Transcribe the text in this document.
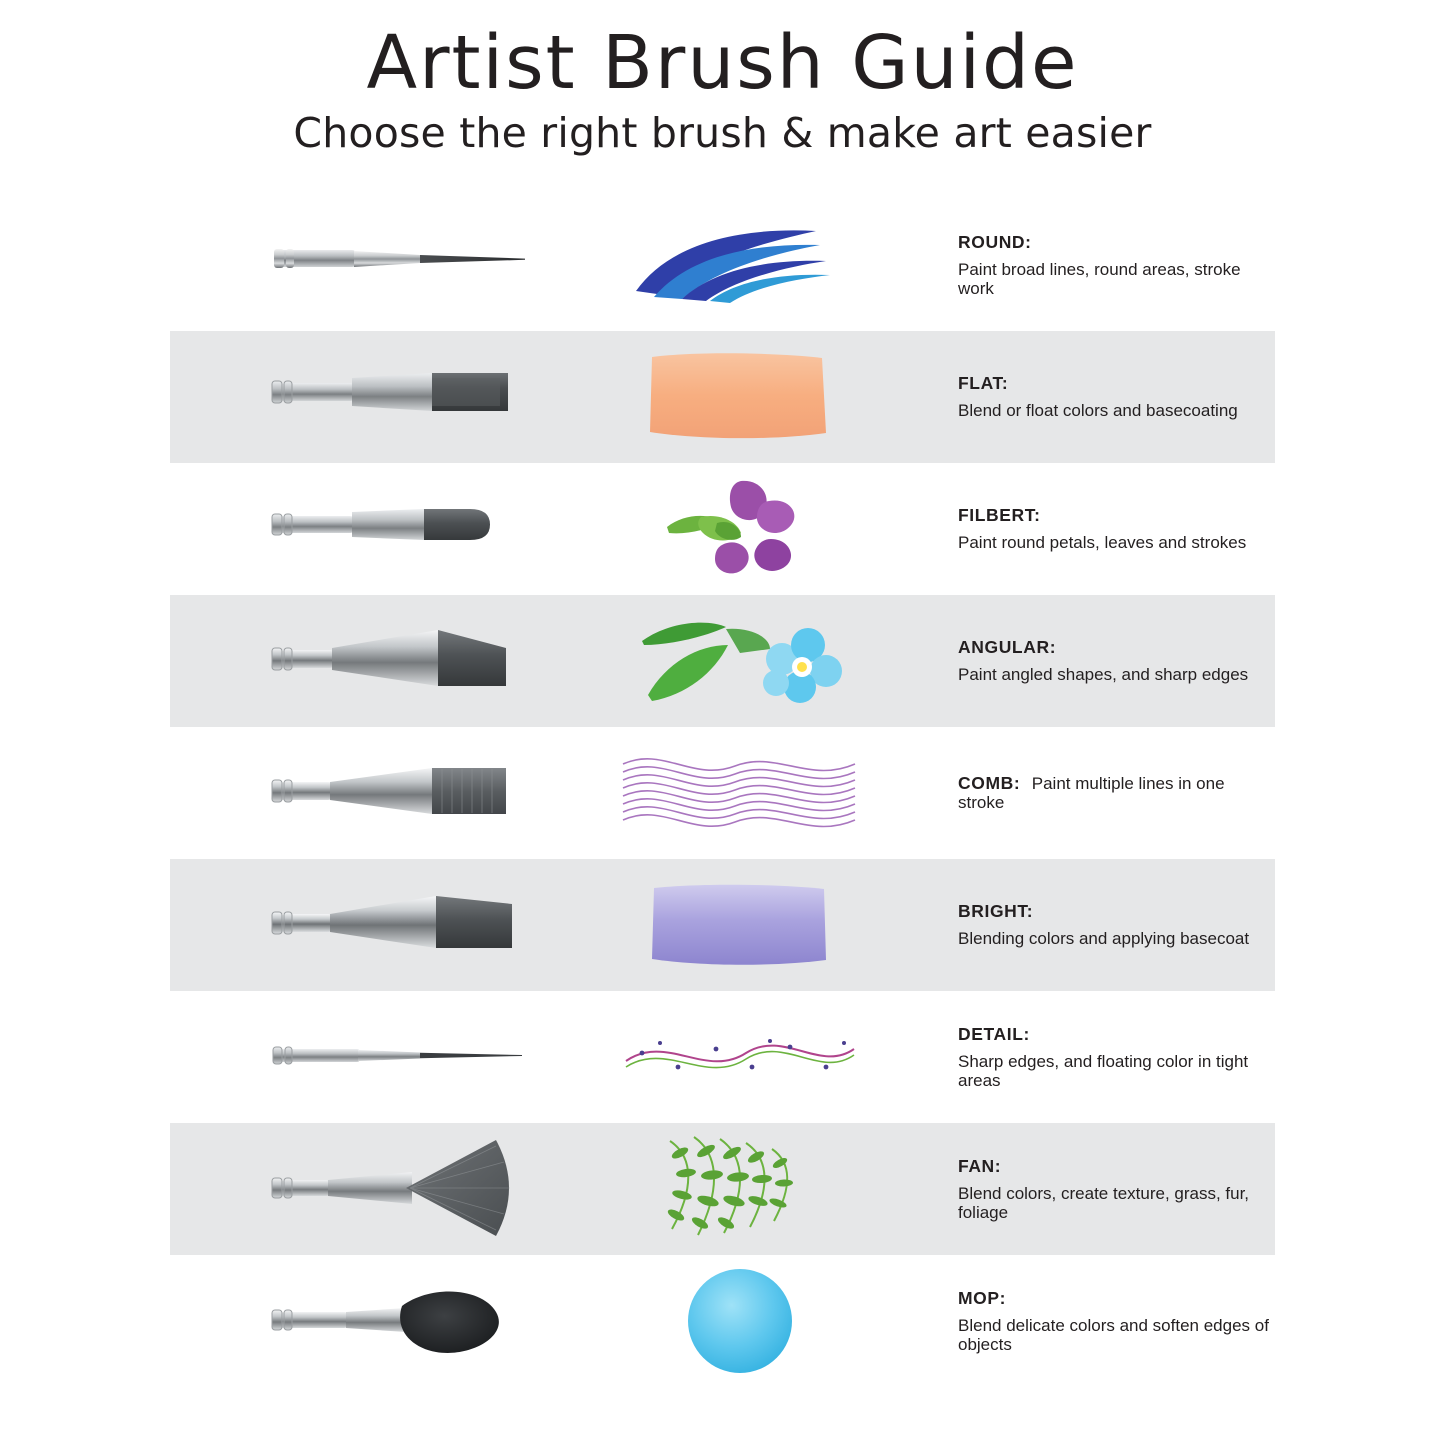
Artist Brush Guide
Choose the right brush & make art easier
ROUND:
Paint broad lines, round areas, stroke work
FLAT:
Blend or float colors and basecoating
FILBERT:
Paint round petals, leaves and strokes
ANGULAR:
Paint angled shapes, and sharp edges
COMB: Paint multiple lines in one stroke
BRIGHT:
Blending colors and applying basecoat
DETAIL:
Sharp edges, and floating color in tight areas
FAN:
Blend colors, create texture, grass, fur, foliage
MOP:
Blend delicate colors and soften edges of objects
